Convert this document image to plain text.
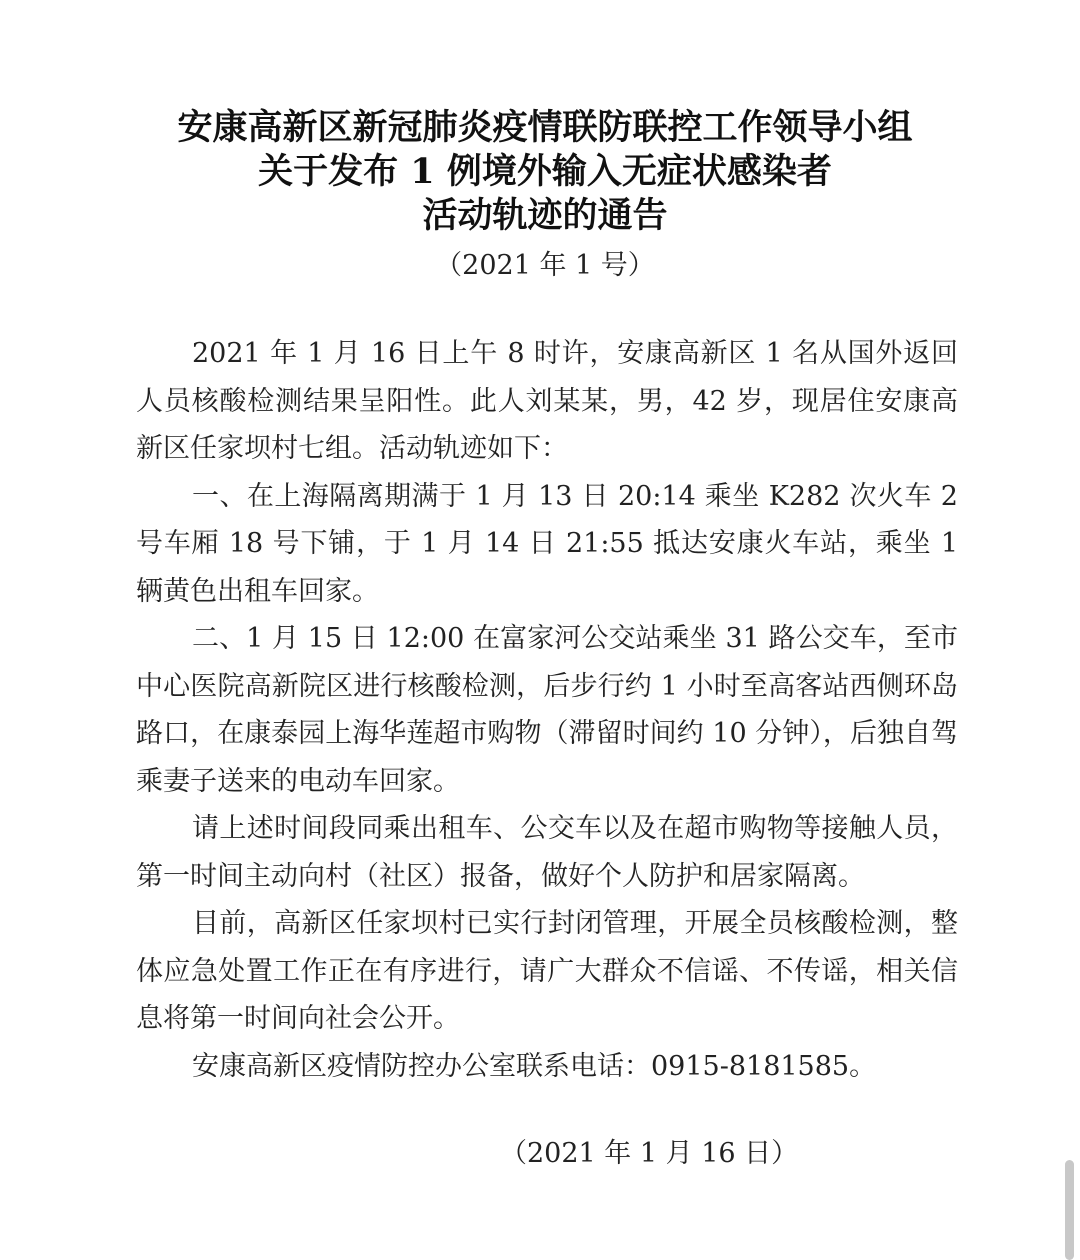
安康高新区新冠肺炎疫情联防联控工作领导小组
关于发布 1 例境外输入无症状感染者
活动轨迹的通告
（2021 年 1 号）

2021 年 1 月 16 日上午 8 时许，安康高新区 1 名从国外返回人员核酸检测结果呈阳性。此人刘某某，男，42 岁，现居住安康高新区任家坝村七组。活动轨迹如下：

一、在上海隔离期满于 1 月 13 日 20:14 乘坐 K282 次火车 2 号车厢 18 号下铺，于 1 月 14 日 21:55 抵达安康火车站，乘坐 1 辆黄色出租车回家。

二、1 月 15 日 12:00 在富家河公交站乘坐 31 路公交车，至市中心医院高新院区进行核酸检测，后步行约 1 小时至高客站西侧环岛路口，在康泰园上海华莲超市购物（滞留时间约 10 分钟），后独自驾乘妻子送来的电动车回家。

请上述时间段同乘出租车、公交车以及在超市购物等接触人员，第一时间主动向村（社区）报备，做好个人防护和居家隔离。

目前，高新区任家坝村已实行封闭管理，开展全员核酸检测，整体应急处置工作正在有序进行，请广大群众不信谣、不传谣，相关信息将第一时间向社会公开。

安康高新区疫情防控办公室联系电话：0915-8181585。

（2021 年 1 月 16 日）
